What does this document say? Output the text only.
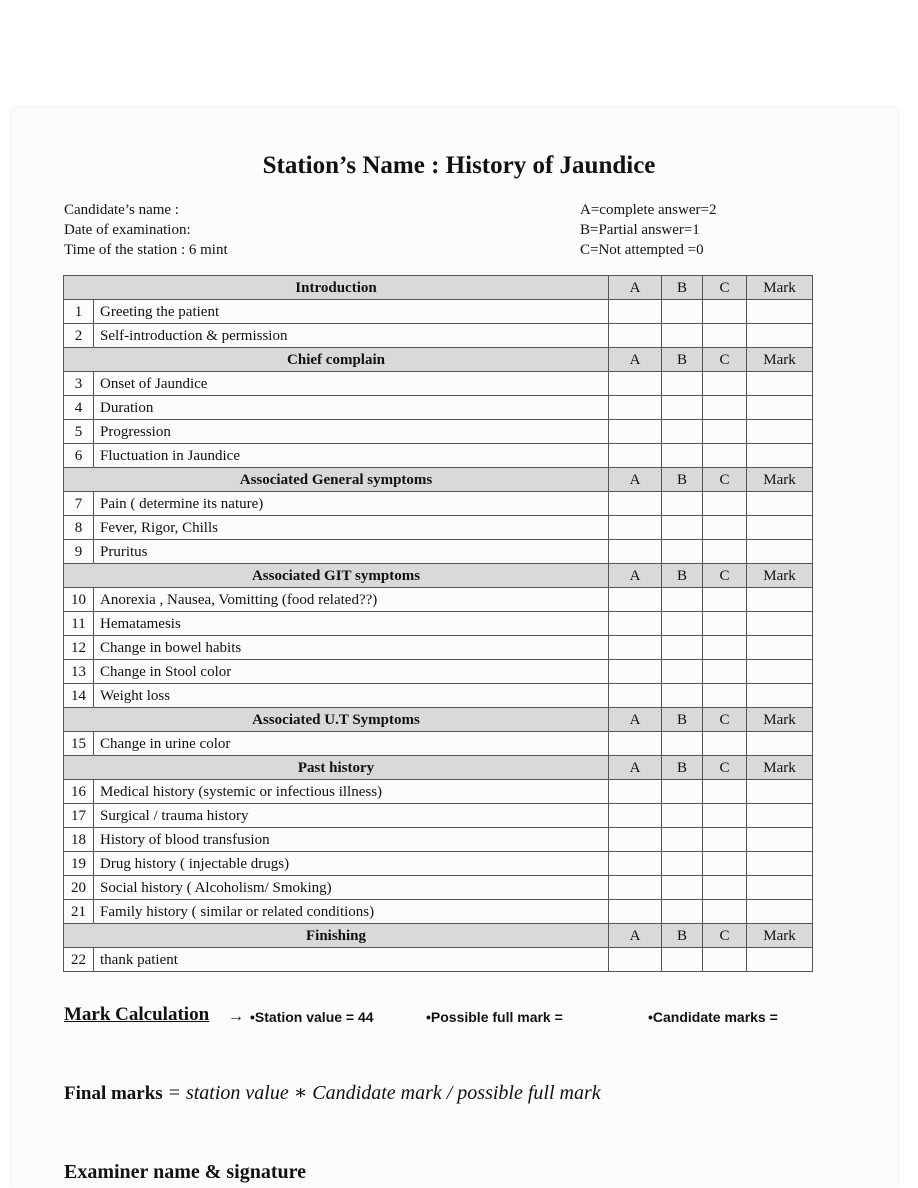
Station’s Name : History of Jaundice
Candidate’s name :
Date of examination:
Time of the station : 6 mint
A=complete answer=2
B=Partial answer=1
C=Not attempted =0
Introduction		A	B	C	Mark
1	Greeting the patient				
2	Self-introduction & permission				
Chief complain		A	B	C	Mark
3	Onset of Jaundice				
4	Duration				
5	Progression				
6	Fluctuation in Jaundice				
Associated General symptoms		A	B	C	Mark
7	Pain ( determine its nature)				
8	Fever, Rigor, Chills				
9	Pruritus				
Associated GIT symptoms		A	B	C	Mark
10	Anorexia , Nausea, Vomitting (food related??)				
11	Hematamesis				
12	Change in bowel habits				
13	Change in Stool color				
14	Weight loss				
Associated U.T Symptoms		A	B	C	Mark
15	Change in urine color				
Past history		A	B	C	Mark
16	Medical history (systemic or infectious illness)				
17	Surgical / trauma history				
18	History of blood transfusion				
19	Drug history ( injectable drugs)				
20	Social history ( Alcoholism/ Smoking)				
21	Family history ( similar or related conditions)				
Finishing		A	B	C	Mark
22	thank patient				
Mark Calculation → •Station value = 44	•Possible full mark =	•Candidate marks =
Final marks = station value ∗ Candidate mark / possible full mark
Examiner name & signature
